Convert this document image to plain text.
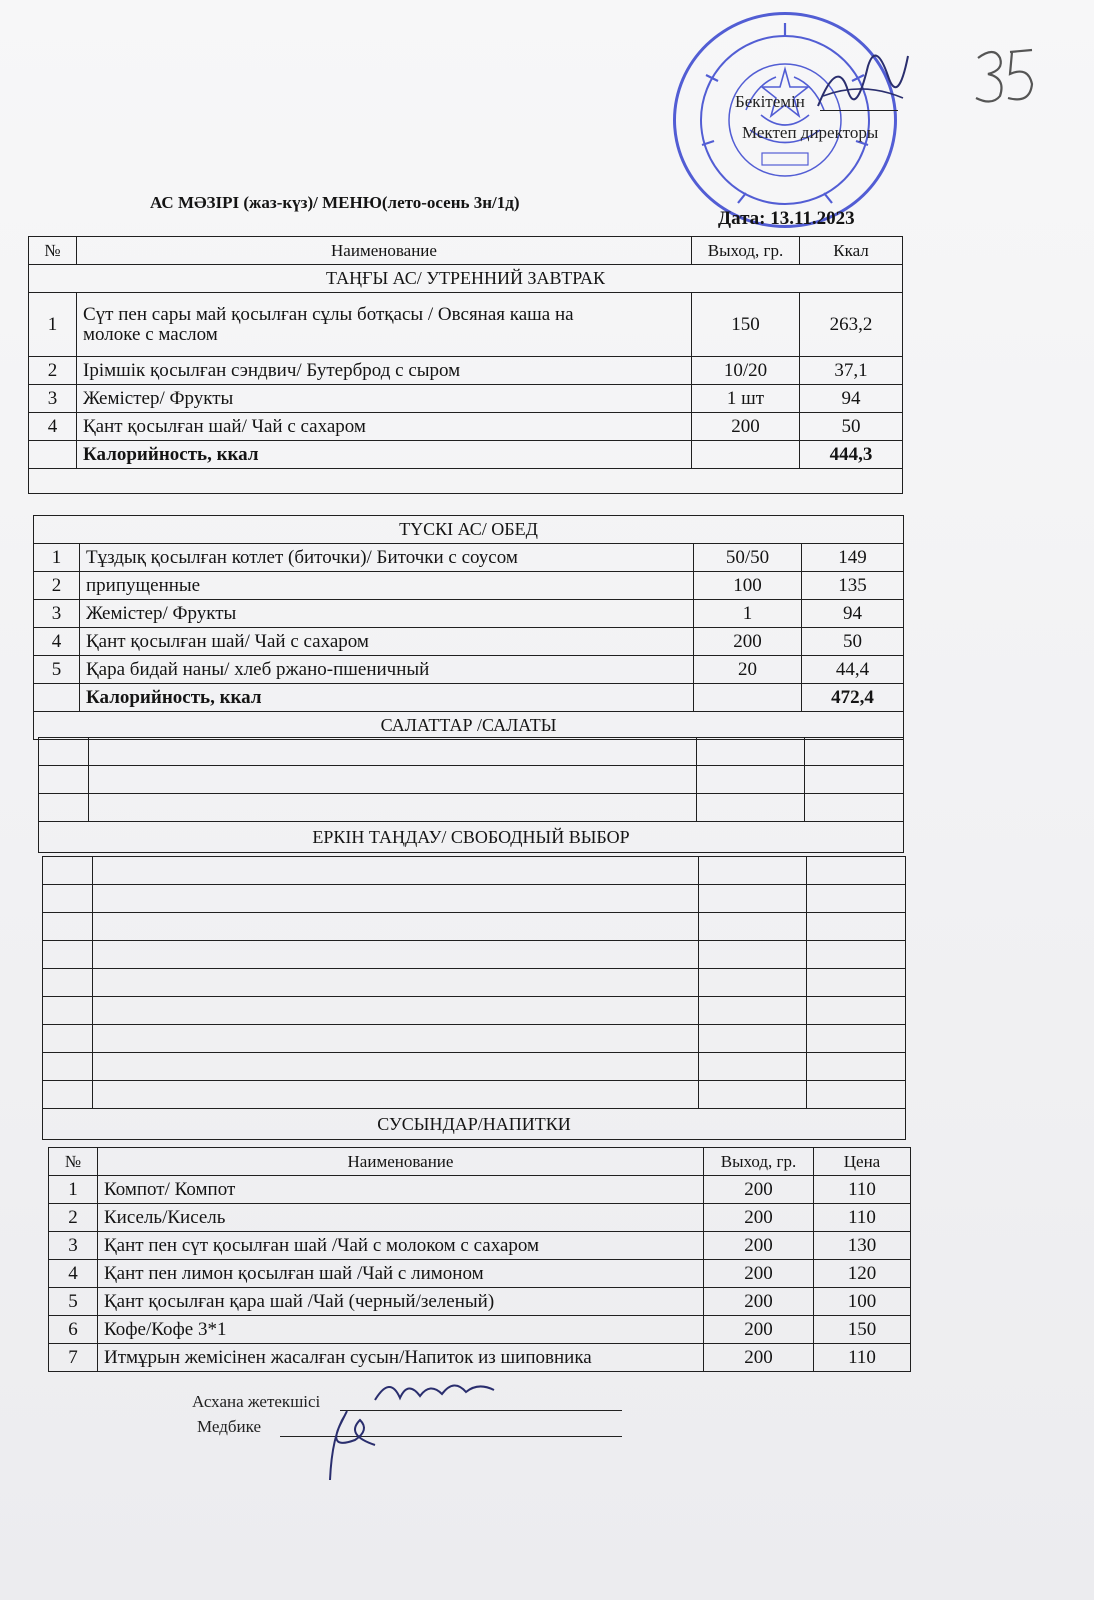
Бекітемін
Мектеп директоры
АС МӘЗІРІ (жаз-күз)/ МЕНЮ(лето-осень 3н/1д)
Дата: 13.11.2023
№	Наименование	Выход, гр.	Ккал
ТАҢҒЫ АС/ УТРЕННИЙ ЗАВТРАК			
1	Сүт пен сары май қосылған сұлы ботқасы / Овсяная каша на
молоке с маслом	150	263,2
2	Ірімшік қосылған сэндвич/ Бутерброд с сыром	10/20	37,1
3	Жемістер/ Фрукты	1 шт	94
4	Қант қосылған шай/ Чай с сахаром	200	50
	Калорийность, ккал		444,3

ТҮСКІ АС/ ОБЕД			
1	Тұздық қосылған котлет (биточки)/ Биточки с соусом	50/50	149
2	припущенные	100	135
3	Жемістер/ Фрукты	1	94
4	Қант қосылған шай/ Чай с сахаром	200	50
5	Қара бидай наны/ хлеб ржано-пшеничный	20	44,4
	Калорийность, ккал		472,4
САЛАТТАР /САЛАТЫ			

ЕРКІН ТАҢДАУ/ СВОБОДНЫЙ ВЫБОР			

СУСЫНДАР/НАПИТКИ			
№	Наименование	Выход, гр.	Цена
1	Компот/ Компот	200	110
2	Кисель/Кисель	200	110
3	Қант пен сүт қосылған шай /Чай с молоком с сахаром	200	130
4	Қант пен лимон қосылған шай /Чай с лимоном	200	120
5	Қант қосылған қара шай /Чай (черный/зеленый)	200	100
6	Кофе/Кофе 3*1	200	150
7	Итмұрын жемісінен жасалған сусын/Напиток из шиповника	200	110
Асхана жетекшісі
Медбике
